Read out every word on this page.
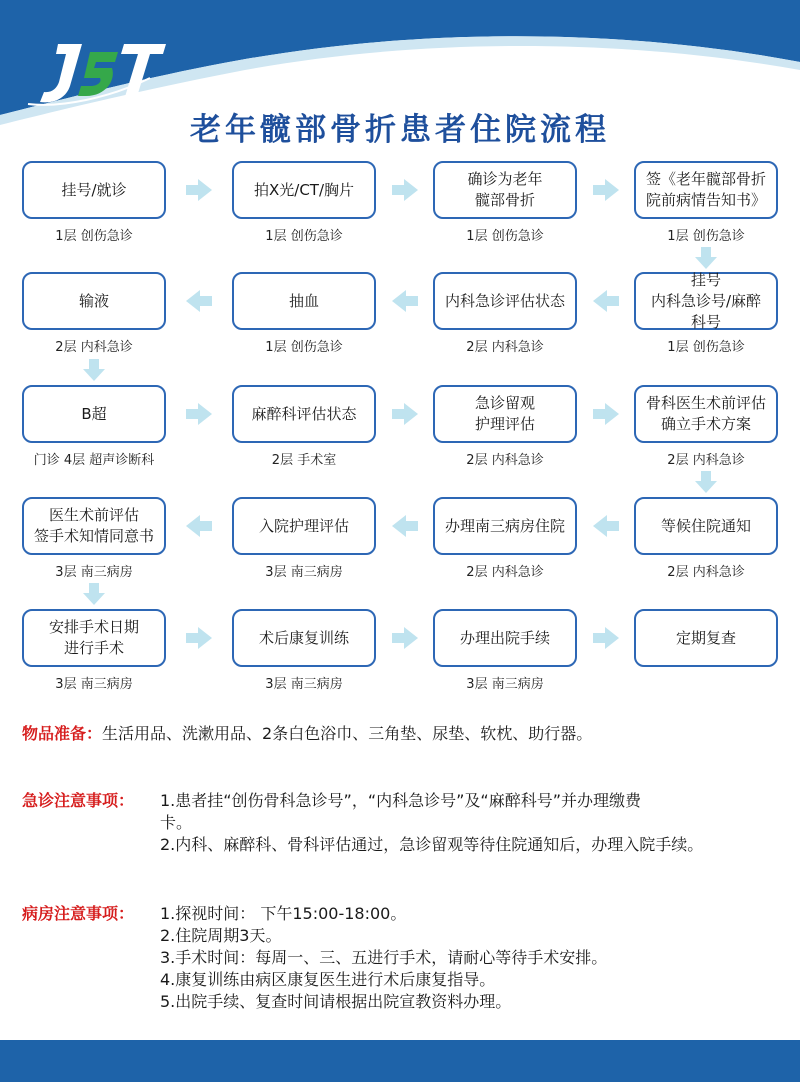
老年髋部骨折患者住院流程
挂号/就诊
1层 创伤急诊
拍X光/CT/胸片
1层 创伤急诊
确诊为老年
髋部骨折
1层 创伤急诊
签《老年髋部骨折
院前病情告知书》
1层 创伤急诊
挂号
内科急诊号/麻醉
科号
1层 创伤急诊
内科急诊评估状态
2层 内科急诊
抽血
1层 创伤急诊
输液
2层 内科急诊
B超
门诊 4层 超声诊断科
麻醉科评估状态
2层 手术室
急诊留观
护理评估
2层 内科急诊
骨科医生术前评估
确立手术方案
2层 内科急诊
等候住院通知
2层 内科急诊
办理南三病房住院
2层 内科急诊
入院护理评估
3层 南三病房
医生术前评估
签手术知情同意书
3层 南三病房
安排手术日期
进行手术
3层 南三病房
术后康复训练
3层 南三病房
办理出院手续
3层 南三病房
定期复查
物品准备：生活用品、洗漱用品、2条白色浴巾、三角垫、尿垫、软枕、助行器。
急诊注意事项： 1.患者挂“创伤骨科急诊号”，“内科急诊号”及“麻醉科号”并办理缴费
卡。
2.内科、麻醉科、骨科评估通过，急诊留观等待住院通知后，办理入院手续。
病房注意事项： 1.探视时间： 下午15:00-18:00。
2.住院周期3天。
3.手术时间：每周一、三、五进行手术，请耐心等待手术安排。
4.康复训练由病区康复医生进行术后康复指导。
5.出院手续、复查时间请根据出院宣教资料办理。
